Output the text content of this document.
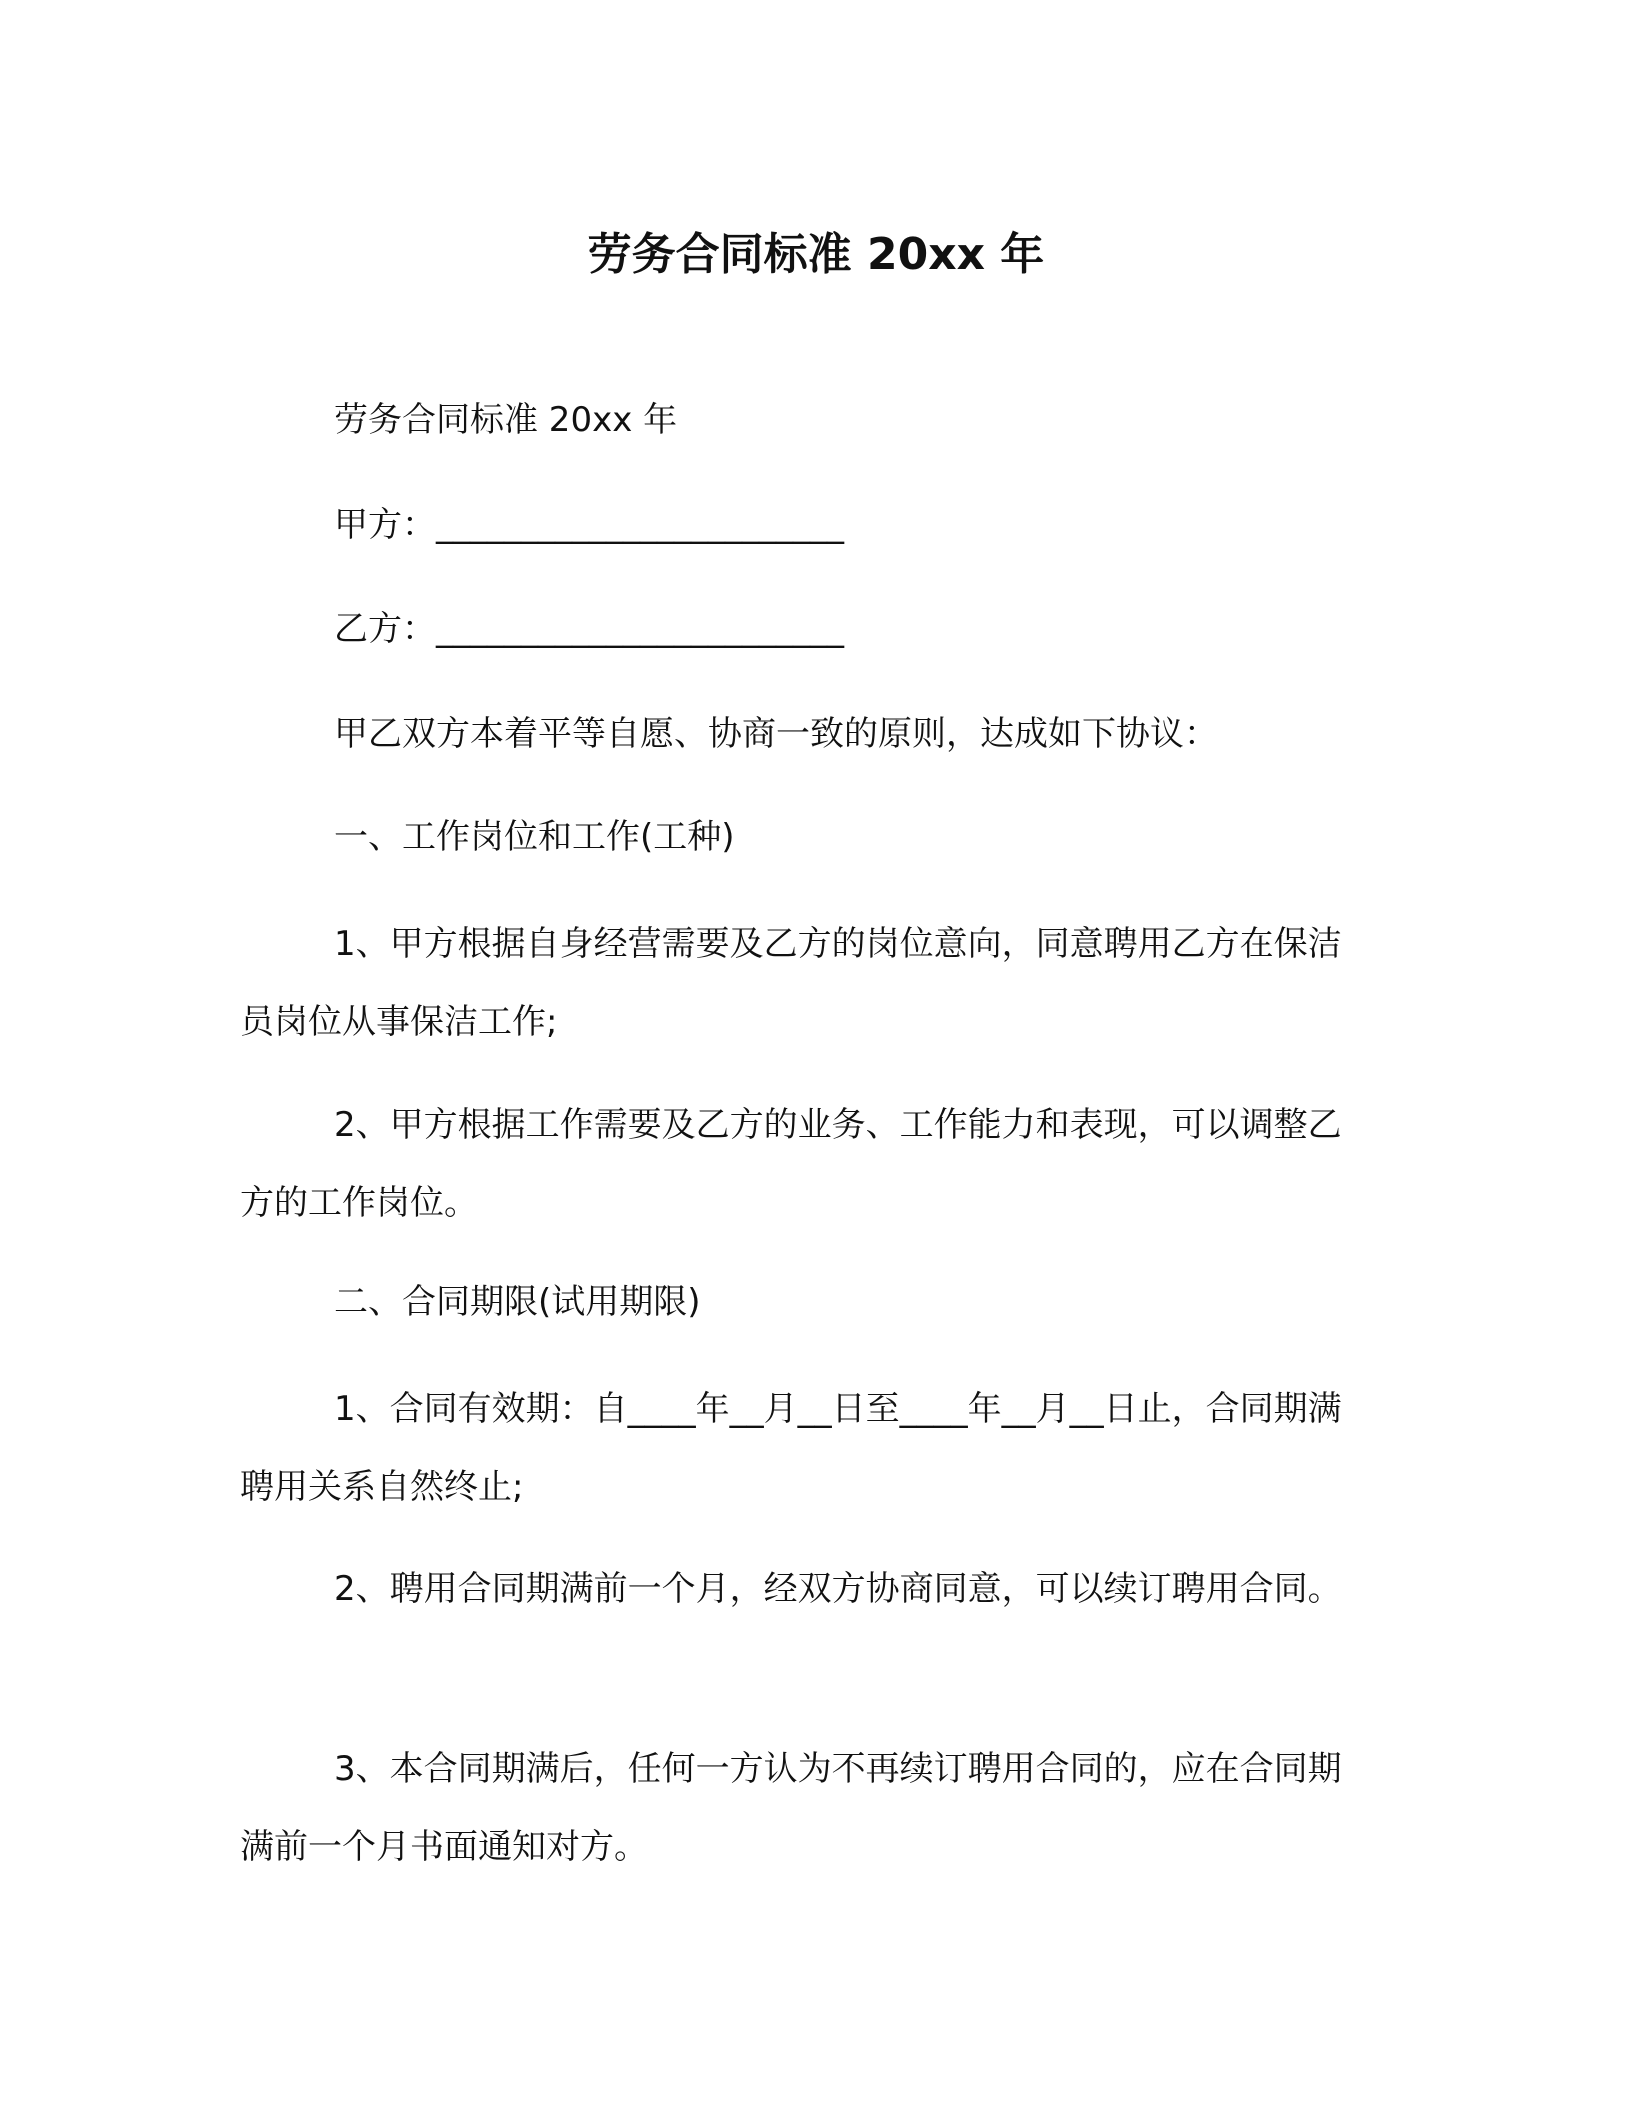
劳务合同标准 20xx 年
劳务合同标准 20xx 年
甲方：________________________
乙方：________________________
甲乙双方本着平等自愿、协商一致的原则，达成如下协议：
一、工作岗位和工作(工种)
1、甲方根据自身经营需要及乙方的岗位意向，同意聘用乙方在保洁员岗位从事保洁工作;
2、甲方根据工作需要及乙方的业务、工作能力和表现，可以调整乙方的工作岗位。
二、合同期限(试用期限)
1、合同有效期：自____年__月__日至____年__月__日止，合同期满聘用关系自然终止;
2、聘用合同期满前一个月，经双方协商同意，可以续订聘用合同。
3、本合同期满后，任何一方认为不再续订聘用合同的，应在合同期满前一个月书面通知对方。
